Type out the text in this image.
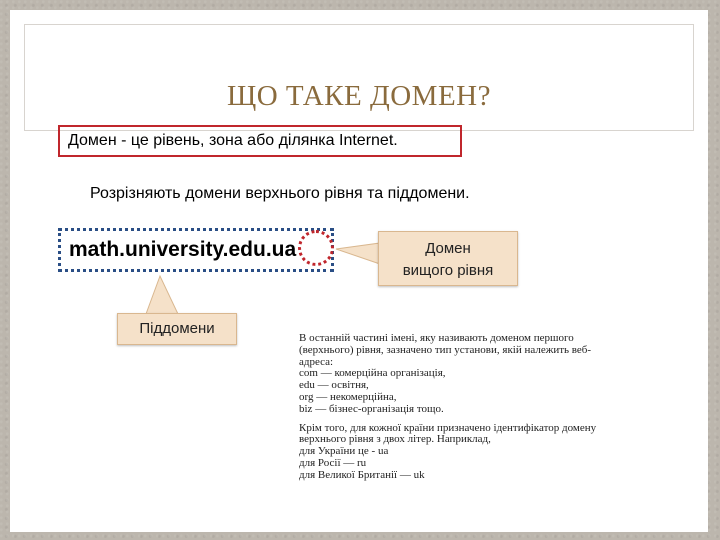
ЩО ТАКЕ ДОМЕН?
Домен - це рівень, зона або ділянка Internet.
Розрізняють домени верхнього рівня та піддомени.
math.university.edu.ua	Домен
вищого рівня
Піддомени
В останній частині імені, яку називають доменом першого
(верхнього) рівня, зазначено тип установи, якій належить веб-
адреса:
com — комерційна організація,
edu — освітня,
org — некомерційна,
biz — бізнес-організація тощо.
Крім того, для кожної країни призначено ідентифікатор домену
верхнього рівня з двох літер. Наприклад,
для України це - ua
для Росії — ru
для Великої Британії — uk
